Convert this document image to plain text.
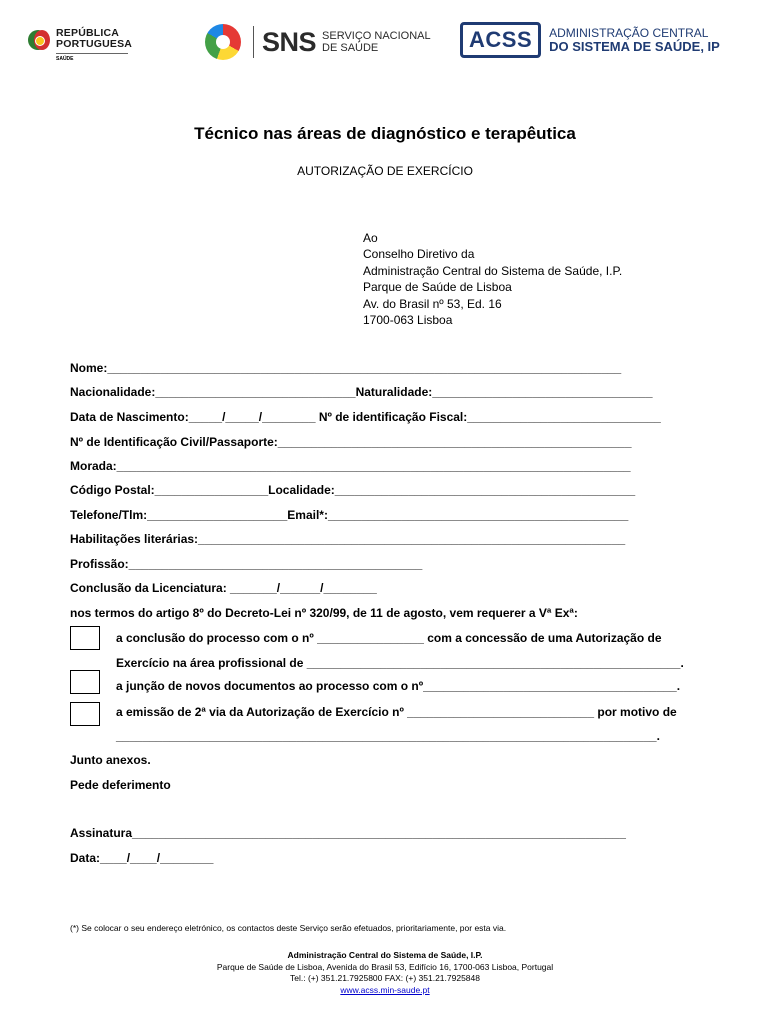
REPÚBLICA
PORTUGUESA
SAÚDE
SNS SERVIÇO NACIONAL
DE SAÚDE	ACSS	ADMINISTRAÇÃO CENTRAL
DO SISTEMA DE SAÚDE, IP
Técnico nas áreas de diagnóstico e terapêutica
AUTORIZAÇÃO DE EXERCÍCIO
Ao
Conselho Diretivo da
Administração Central do Sistema de Saúde, I.P.
Parque de Saúde de Lisboa
Av. do Brasil nº 53, Ed. 16
1700-063 Lisboa
Nome:_____________________________________________________________________________
Nacionalidade:______________________________Naturalidade:_________________________________
Data de Nascimento:_____/_____/________ Nº de identificação Fiscal:_____________________________
Nº de Identificação Civil/Passaporte:_____________________________________________________
Morada:_____________________________________________________________________________
Código Postal:_________________Localidade:_____________________________________________
Telefone/Tlm:_____________________Email*:_____________________________________________
Habilitações literárias:________________________________________________________________
Profissão:____________________________________________
Conclusão da Licenciatura: _______/______/________
nos termos do artigo 8º do Decreto-Lei nº 320/99, de 11 de agosto, vem requerer a Vª Exª:
a conclusão do processo com o nº ________________ com a concessão de uma Autorização de
Exercício na área profissional de ________________________________________________________.
a junção de novos documentos ao processo com o nº______________________________________.
a emissão de 2ª via da Autorização de Exercício nº ____________________________ por motivo de
_________________________________________________________________________________.
Junto anexos.
Pede deferimento
Assinatura__________________________________________________________________________
Data:____/____/________
(*) Se colocar o seu endereço eletrónico, os contactos deste Serviço serão efetuados, prioritariamente, por esta via.
Administração Central do Sistema de Saúde, I.P.
Parque de Saúde de Lisboa, Avenida do Brasil 53, Edifício 16, 1700-063 Lisboa, Portugal
Tel.: (+) 351.21.7925800 FAX: (+) 351.21.7925848
www.acss.min-saude.pt
